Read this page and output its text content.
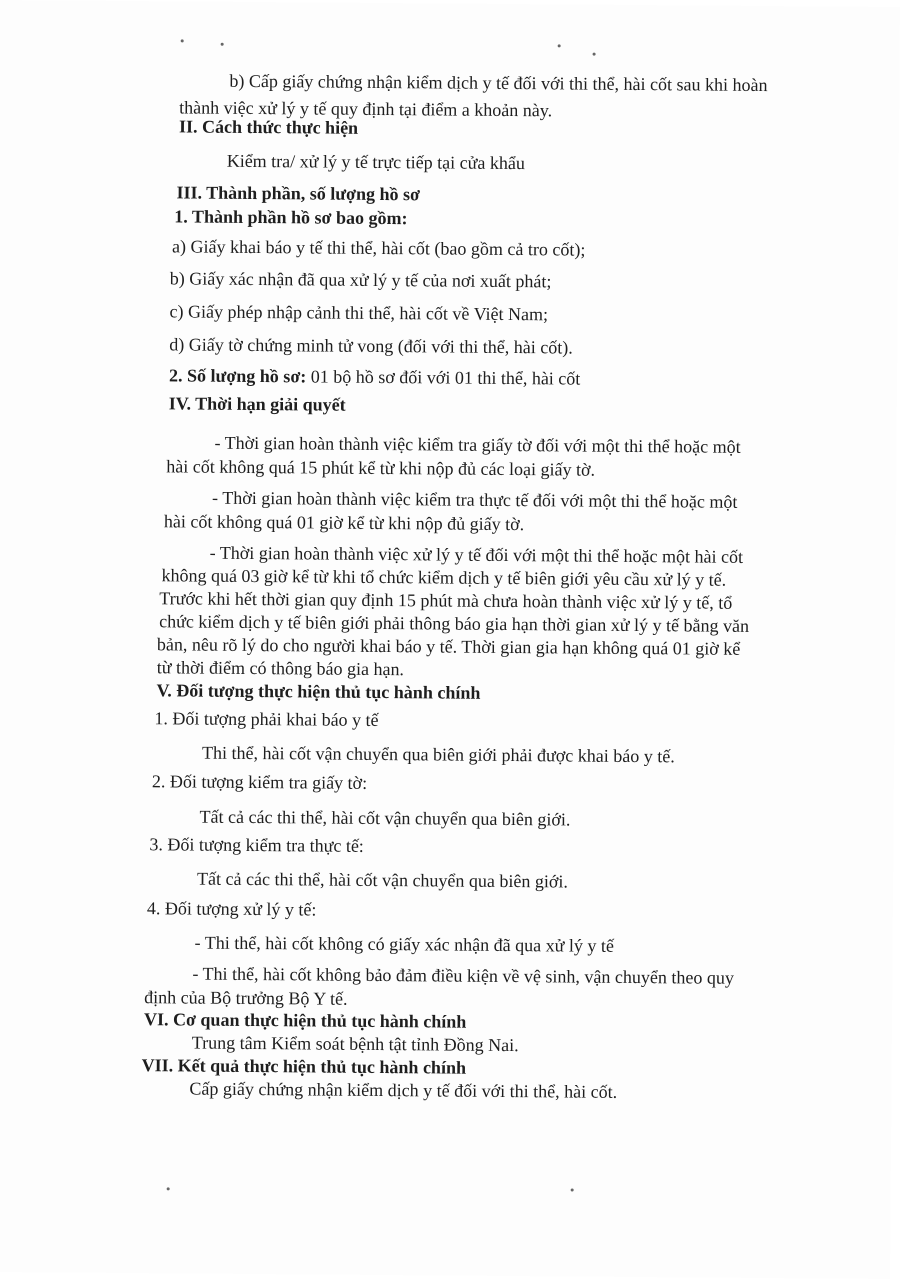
b) Cấp giấy chứng nhận kiểm dịch y tế đối với thi thể, hài cốt sau khi hoàn
thành việc xử lý y tế quy định tại điểm a khoản này.
II. Cách thức thực hiện
Kiểm tra/ xử lý y tế trực tiếp tại cửa khẩu
III. Thành phần, số lượng hồ sơ
1. Thành phần hồ sơ bao gồm:
a) Giấy khai báo y tế thi thể, hài cốt (bao gồm cả tro cốt);
b) Giấy xác nhận đã qua xử lý y tế của nơi xuất phát;
c) Giấy phép nhập cảnh thi thể, hài cốt về Việt Nam;
d) Giấy tờ chứng minh tử vong (đối với thi thể, hài cốt).
2. Số lượng hồ sơ: 01 bộ hồ sơ đối với 01 thi thể, hài cốt
IV. Thời hạn giải quyết
- Thời gian hoàn thành việc kiểm tra giấy tờ đối với một thi thể hoặc một
hài cốt không quá 15 phút kể từ khi nộp đủ các loại giấy tờ.
- Thời gian hoàn thành việc kiểm tra thực tế đối với một thi thể hoặc một
hài cốt không quá 01 giờ kể từ khi nộp đủ giấy tờ.
- Thời gian hoàn thành việc xử lý y tế đối với một thi thể hoặc một hài cốt
không quá 03 giờ kể từ khi tổ chức kiểm dịch y tế biên giới yêu cầu xử lý y tế.
Trước khi hết thời gian quy định 15 phút mà chưa hoàn thành việc xử lý y tế, tổ
chức kiểm dịch y tế biên giới phải thông báo gia hạn thời gian xử lý y tế bằng văn
bản, nêu rõ lý do cho người khai báo y tế. Thời gian gia hạn không quá 01 giờ kể
từ thời điểm có thông báo gia hạn.
V. Đối tượng thực hiện thủ tục hành chính
1. Đối tượng phải khai báo y tế
Thi thể, hài cốt vận chuyển qua biên giới phải được khai báo y tế.
2. Đối tượng kiểm tra giấy tờ:
Tất cả các thi thể, hài cốt vận chuyển qua biên giới.
3. Đối tượng kiểm tra thực tế:
Tất cả các thi thể, hài cốt vận chuyển qua biên giới.
4. Đối tượng xử lý y tế:
- Thi thể, hài cốt không có giấy xác nhận đã qua xử lý y tế
- Thi thể, hài cốt không bảo đảm điều kiện về vệ sinh, vận chuyển theo quy
định của Bộ trưởng Bộ Y tế.
VI. Cơ quan thực hiện thủ tục hành chính
Trung tâm Kiểm soát bệnh tật tỉnh Đồng Nai.
VII. Kết quả thực hiện thủ tục hành chính
Cấp giấy chứng nhận kiểm dịch y tế đối với thi thể, hài cốt.
